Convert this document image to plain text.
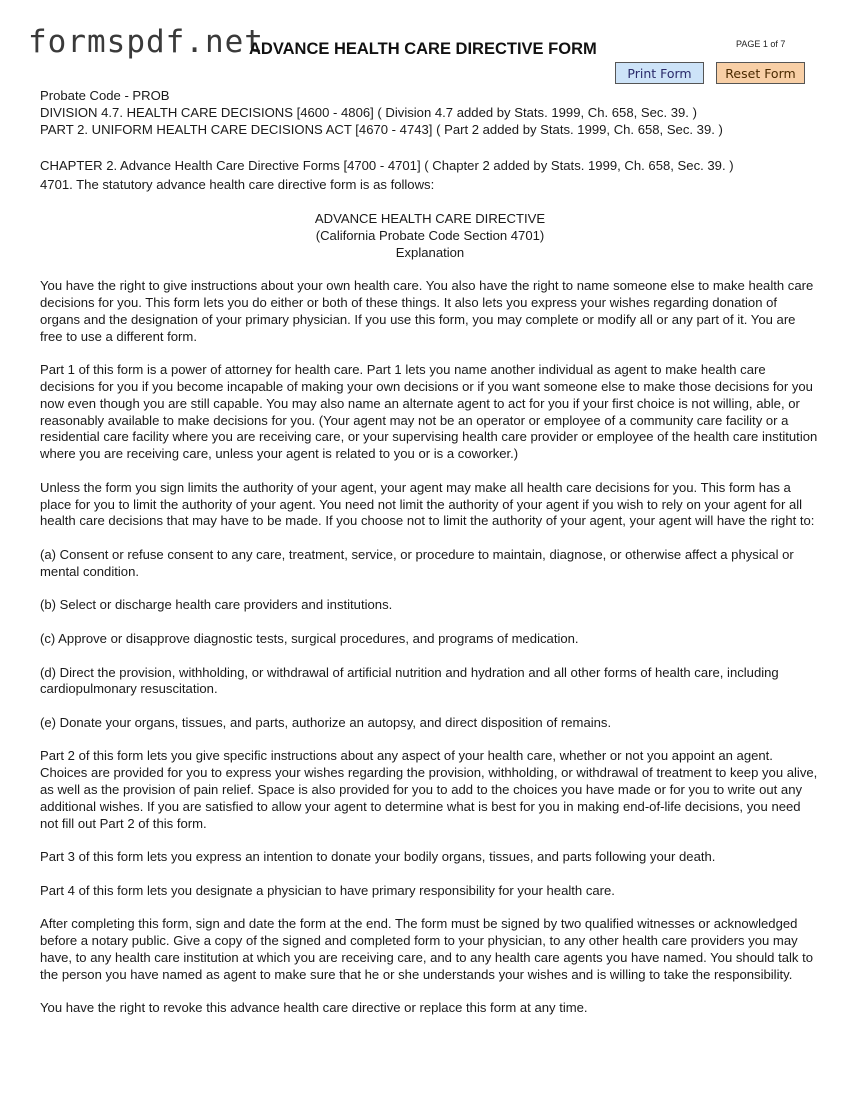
formspdf.net
ADVANCE HEALTH CARE DIRECTIVE FORM	PAGE 1 of 7
Print Form	Reset Form

Probate Code - PROB

DIVISION 4.7. HEALTH CARE DECISIONS [4600 - 4806] ( Division 4.7 added by Stats. 1999, Ch. 658, Sec. 39. )

PART 2. UNIFORM HEALTH CARE DECISIONS ACT [4670 - 4743] ( Part 2 added by Stats. 1999, Ch. 658, Sec. 39. )

CHAPTER 2. Advance Health Care Directive Forms [4700 - 4701] ( Chapter 2 added by Stats. 1999, Ch. 658, Sec. 39. )

4701. The statutory advance health care directive form is as follows:

ADVANCE HEALTH CARE DIRECTIVE

(California Probate Code Section 4701)

Explanation

You have the right to give instructions about your own health care. You also have the right to name someone else to make health care decisions for you. This form lets you do either or both of these things. It also lets you express your wishes regarding donation of organs and the designation of your primary physician. If you use this form, you may complete or modify all or any part of it. You are free to use a different form.

Part 1 of this form is a power of attorney for health care. Part 1 lets you name another individual as agent to make health care decisions for you if you become incapable of making your own decisions or if you want someone else to make those decisions for you now even though you are still capable. You may also name an alternate agent to act for you if your first choice is not willing, able, or reasonably available to make decisions for you. (Your agent may not be an operator or employee of a community care facility or a residential care facility where you are receiving care, or your supervising health care provider or employee of the health care institution where you are receiving care, unless your agent is related to you or is a coworker.)

Unless the form you sign limits the authority of your agent, your agent may make all health care decisions for you. This form has a place for you to limit the authority of your agent. You need not limit the authority of your agent if you wish to rely on your agent for all health care decisions that may have to be made. If you choose not to limit the authority of your agent, your agent will have the right to:

(a) Consent or refuse consent to any care, treatment, service, or procedure to maintain, diagnose, or otherwise affect a physical or mental condition.

(b) Select or discharge health care providers and institutions.

(c) Approve or disapprove diagnostic tests, surgical procedures, and programs of medication.

(d) Direct the provision, withholding, or withdrawal of artificial nutrition and hydration and all other forms of health care, including cardiopulmonary resuscitation.

(e) Donate your organs, tissues, and parts, authorize an autopsy, and direct disposition of remains.

Part 2 of this form lets you give specific instructions about any aspect of your health care, whether or not you appoint an agent. Choices are provided for you to express your wishes regarding the provision, withholding, or withdrawal of treatment to keep you alive, as well as the provision of pain relief. Space is also provided for you to add to the choices you have made or for you to write out any additional wishes. If you are satisfied to allow your agent to determine what is best for you in making end-of-life decisions, you need not fill out Part 2 of this form.

Part 3 of this form lets you express an intention to donate your bodily organs, tissues, and parts following your death.

Part 4 of this form lets you designate a physician to have primary responsibility for your health care.

After completing this form, sign and date the form at the end. The form must be signed by two qualified witnesses or acknowledged before a notary public. Give a copy of the signed and completed form to your physician, to any other health care providers you may have, to any health care institution at which you are receiving care, and to any health care agents you have named. You should talk to the person you have named as agent to make sure that he or she understands your wishes and is willing to take the responsibility.

You have the right to revoke this advance health care directive or replace this form at any time.
